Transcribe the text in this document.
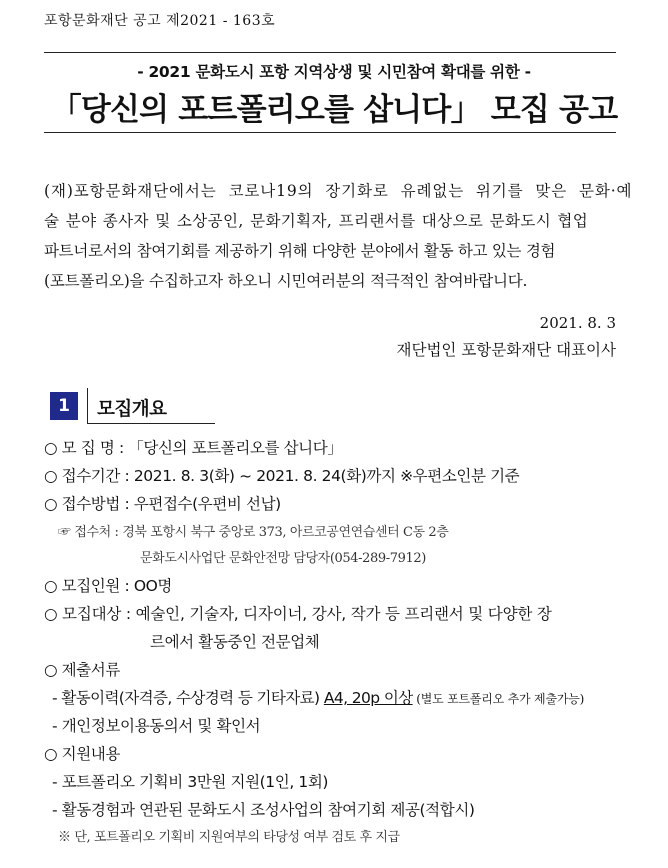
포항문화재단 공고 제2021 - 163호
- 2021 문화도시 포항 지역상생 및 시민참여 확대를 위한 -
「당신의 포트폴리오를 삽니다」 모집 공고
(재)포항문화재단에서는 코로나19의 장기화로 유례없는 위기를 맞은 문화·예
술 분야 종사자 및 소상공인, 문화기획자, 프리랜서를 대상으로 문화도시 협업
파트너로서의 참여기회를 제공하기 위해 다양한 분야에서 활동 하고 있는 경험
(포트폴리오)을 수집하고자 하오니 시민여러분의 적극적인 참여바랍니다.
2021. 8. 3
재단법인 포항문화재단 대표이사
1	모집개요
○ 모 집 명 : 「당신의 포트폴리오를 삽니다」
○ 접수기간 : 2021. 8. 3(화) ~ 2021. 8. 24(화)까지 ※우편소인분 기준
○ 접수방법 : 우편접수(우편비 선납)
☞ 접수처 : 경북 포항시 북구 중앙로 373, 아르코공연연습센터 C동 2층
문화도시사업단 문화안전망 담당자(054-289-7912)
○ 모집인원 : OO명
○ 모집대상 : 예술인, 기술자, 디자이너, 강사, 작가 등 프리랜서 및 다양한 장
르에서 활동중인 전문업체
○ 제출서류
- 활동이력(자격증, 수상경력 등 기타자료) A4, 20p 이상 (별도 포트폴리오 추가 제출가능)
- 개인정보이용동의서 및 확인서
○ 지원내용
- 포트폴리오 기획비 3만원 지원(1인, 1회)
- 활동경험과 연관된 문화도시 조성사업의 참여기회 제공(적합시)
※ 단, 포트폴리오 기획비 지원여부의 타당성 여부 검토 후 지급
